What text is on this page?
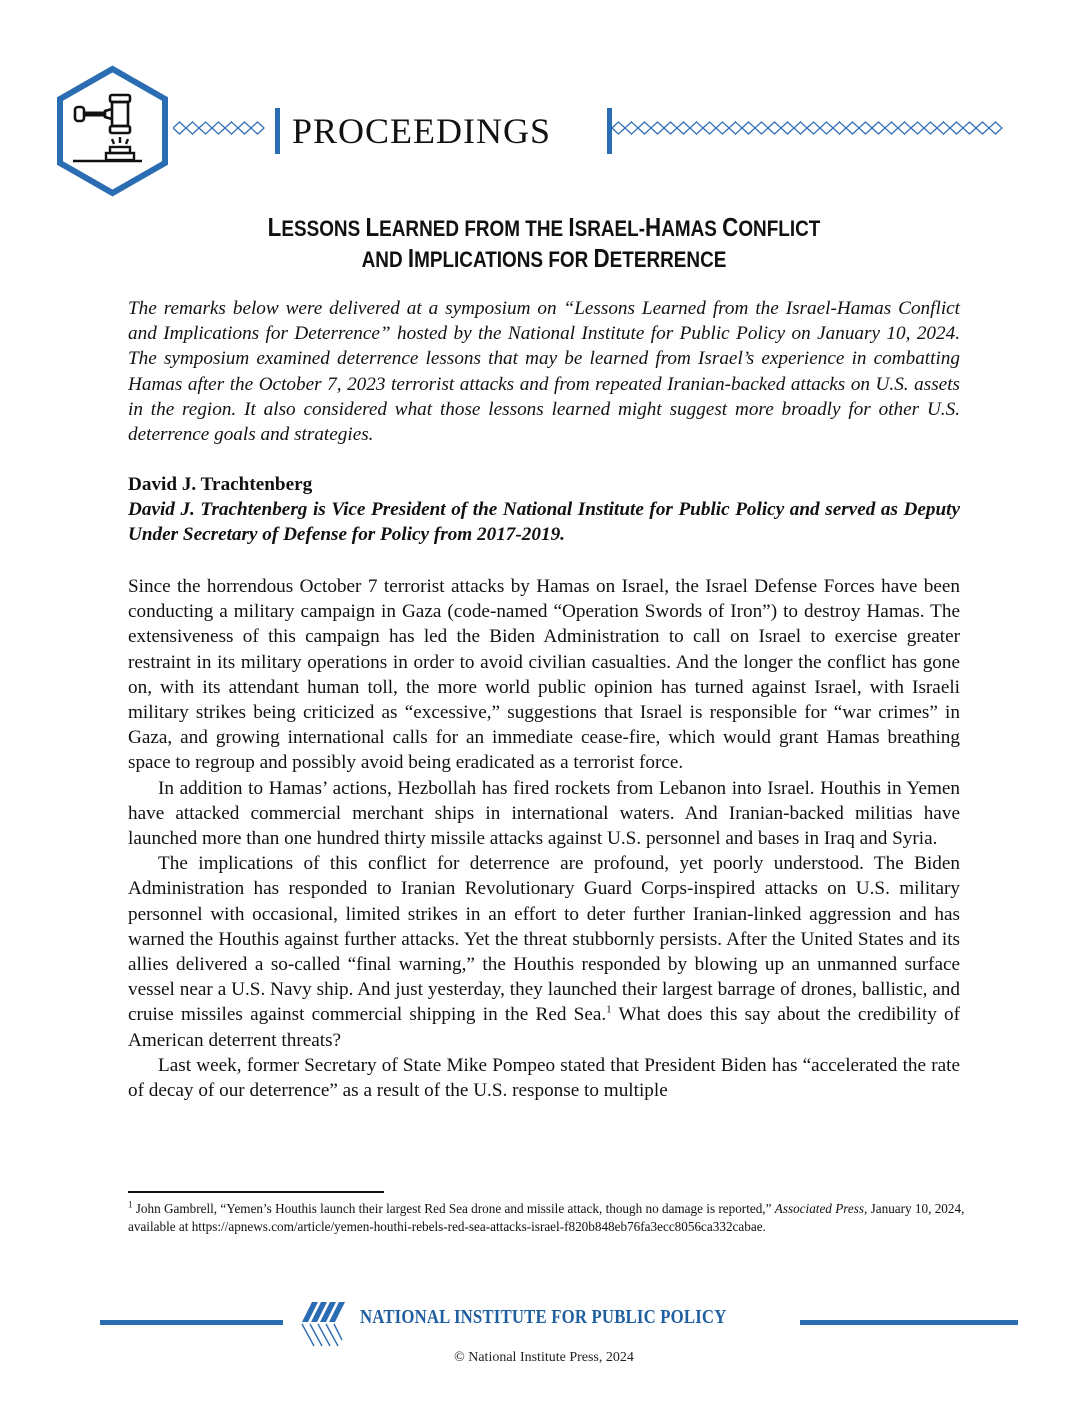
PROCEEDINGS
LESSONS LEARNED FROM THE ISRAEL-HAMAS CONFLICT
AND IMPLICATIONS FOR DETERRENCE
The remarks below were delivered at a symposium on “Lessons Learned from the Israel-Hamas Conflict and Implications for Deterrence” hosted by the National Institute for Public Policy on January 10, 2024. The symposium examined deterrence lessons that may be learned from Israel’s experience in combatting Hamas after the October 7, 2023 terrorist attacks and from repeated Iranian-backed attacks on U.S. assets in the region. It also considered what those lessons learned might suggest more broadly for other U.S. deterrence goals and strategies.
David J. Trachtenberg
David J. Trachtenberg is Vice President of the National Institute for Public Policy and served as Deputy Under Secretary of Defense for Policy from 2017-2019.

Since the horrendous October 7 terrorist attacks by Hamas on Israel, the Israel Defense Forces have been conducting a military campaign in Gaza (code-named “Operation Swords of Iron”) to destroy Hamas. The extensiveness of this campaign has led the Biden Administration to call on Israel to exercise greater restraint in its military operations in order to avoid civilian casualties. And the longer the conflict has gone on, with its attendant human toll, the more world public opinion has turned against Israel, with Israeli military strikes being criticized as “excessive,” suggestions that Israel is responsible for “war crimes” in Gaza, and growing international calls for an immediate cease-fire, which would grant Hamas breathing space to regroup and possibly avoid being eradicated as a terrorist force.

In addition to Hamas’ actions, Hezbollah has fired rockets from Lebanon into Israel. Houthis in Yemen have attacked commercial merchant ships in international waters. And Iranian-backed militias have launched more than one hundred thirty missile attacks against U.S. personnel and bases in Iraq and Syria.

The implications of this conflict for deterrence are profound, yet poorly understood. The Biden Administration has responded to Iranian Revolutionary Guard Corps-inspired attacks on U.S. military personnel with occasional, limited strikes in an effort to deter further Iranian-linked aggression and has warned the Houthis against further attacks. Yet the threat stubbornly persists. After the United States and its allies delivered a so-called “final warning,” the Houthis responded by blowing up an unmanned surface vessel near a U.S. Navy ship. And just yesterday, they launched their largest barrage of drones, ballistic, and cruise missiles against commercial shipping in the Red Sea.$^1$ What does this say about the credibility of American deterrent threats?

Last week, former Secretary of State Mike Pompeo stated that President Biden has “accelerated the rate of decay of our deterrence” as a result of the U.S. response to multiple

$^1$ John Gambrell, “Yemen’s Houthis launch their largest Red Sea drone and missile attack, though no damage is reported,” Associated Press, January 10, 2024, available at https://apnews.com/article/yemen-houthi-rebels-red-sea-attacks-israel-f820b848eb76fa3ecc8056ca332cabae.
NATIONAL INSTITUTE FOR PUBLIC POLICY
© National Institute Press, 2024
